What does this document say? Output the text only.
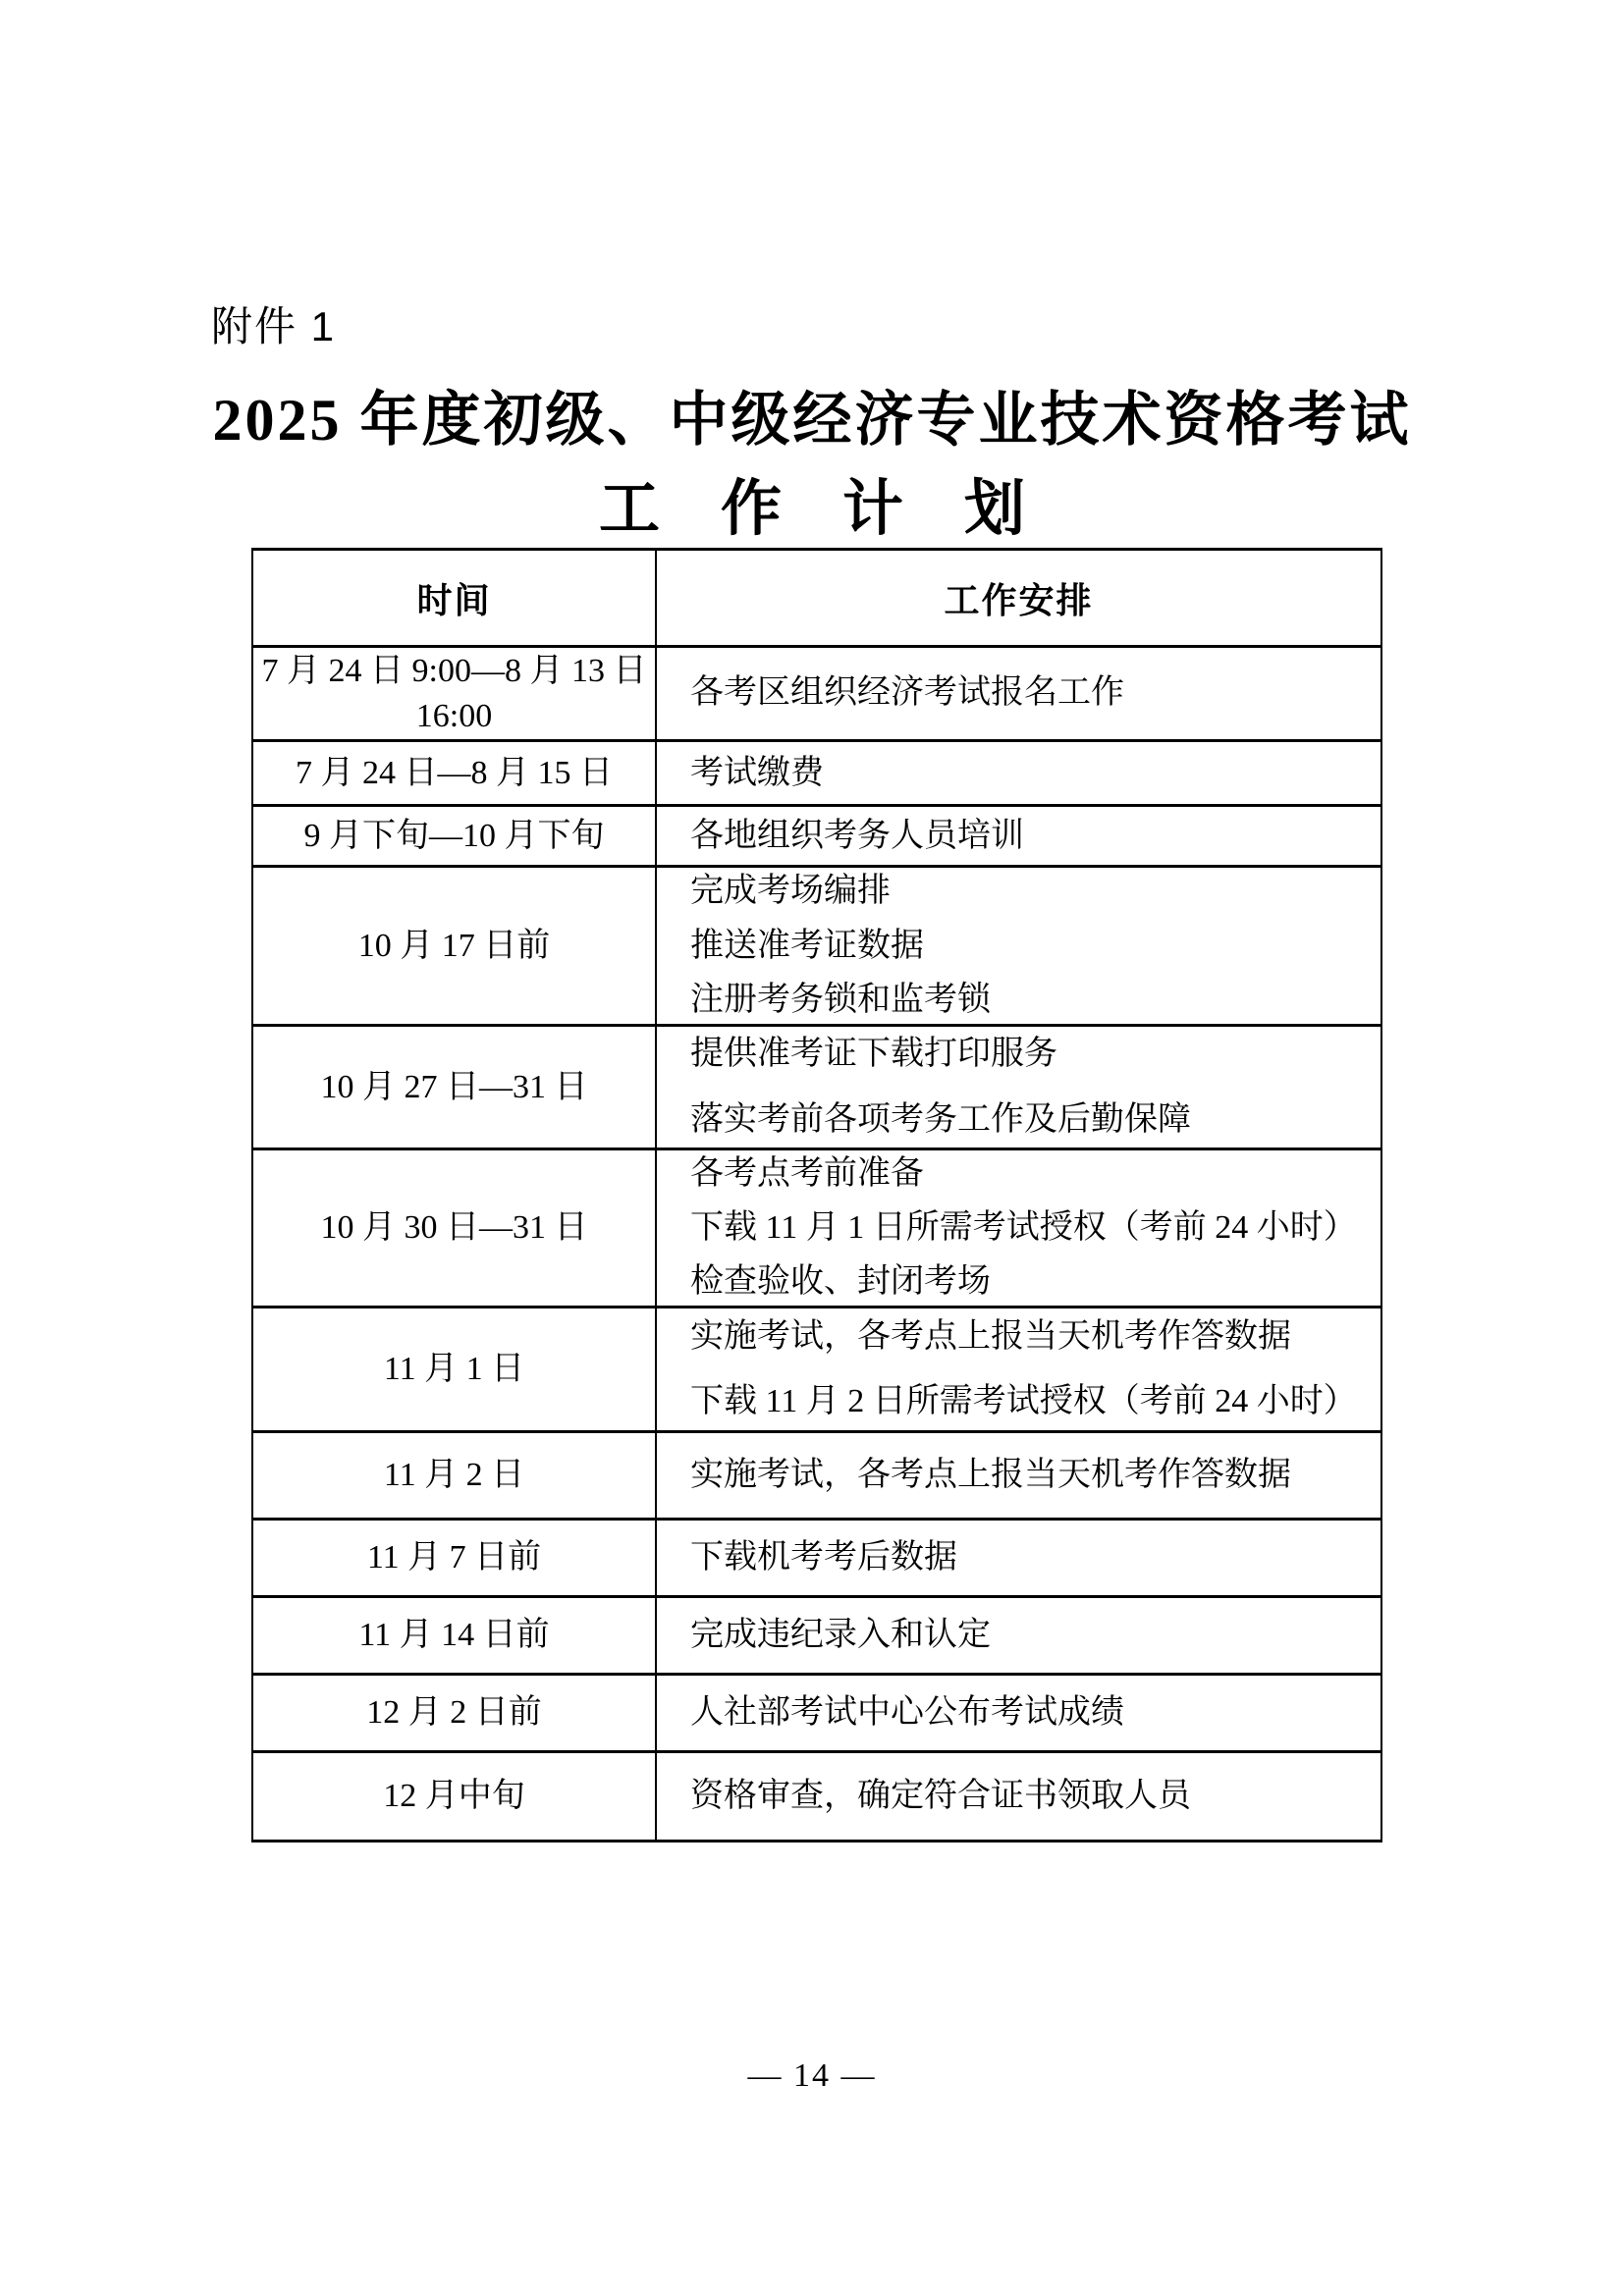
附件 1
2025 年度初级、中级经济专业技术资格考试
工　作　计　划
时间	工作安排

7 月 24 日 9:00—8 月 13 日
16:00	各考区组织经济考试报名工作

7 月 24 日—8 月 15 日	考试缴费

9 月下旬—10 月下旬	各地组织考务人员培训

10 月 17 日前	完成考场编排
推送准考证数据
注册考务锁和监考锁

10 月 27 日—31 日	提供准考证下载打印服务
落实考前各项考务工作及后勤保障

10 月 30 日—31 日	各考点考前准备
下载 11 月 1 日所需考试授权（考前 24 小时）
检查验收、封闭考场

11 月 1 日	实施考试，各考点上报当天机考作答数据
下载 11 月 2 日所需考试授权（考前 24 小时）

11 月 2 日	实施考试，各考点上报当天机考作答数据

11 月 7 日前	下载机考考后数据

11 月 14 日前	完成违纪录入和认定

12 月 2 日前	人社部考试中心公布考试成绩

12 月中旬	资格审查，确定符合证书领取人员
— 14 —
